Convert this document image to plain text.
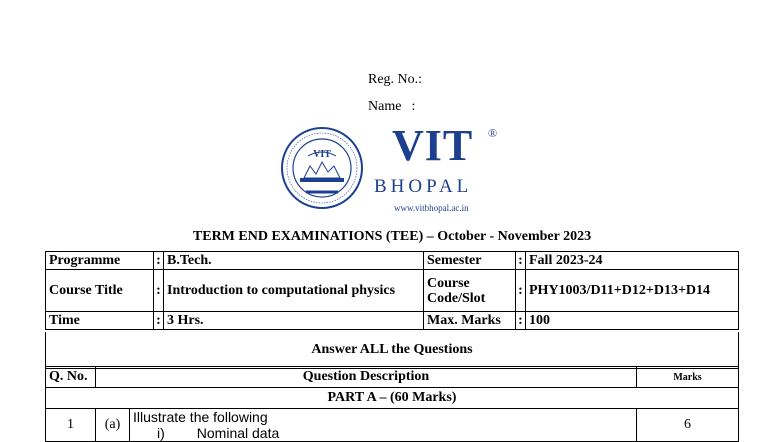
Reg. No.:
Name :
VIT VIT	®
BHOPAL
www.vitbhopal.ac.in
TERM END EXAMINATIONS (TEE) – October - November 2023
Programme	:	B.Tech.	Semester	:	Fall 2023-24
Course Title	:	Introduction to computational physics	Course Code/Slot	:	PHY1003/D11+D12+D13+D14
Time	:	3 Hrs.	Max. Marks	:	100
Answer ALL the Questions
Q. No.	Question Description		Marks
PART A – (60 Marks)			
1	(a)	Illustrate the following
i) Nominal data	6
